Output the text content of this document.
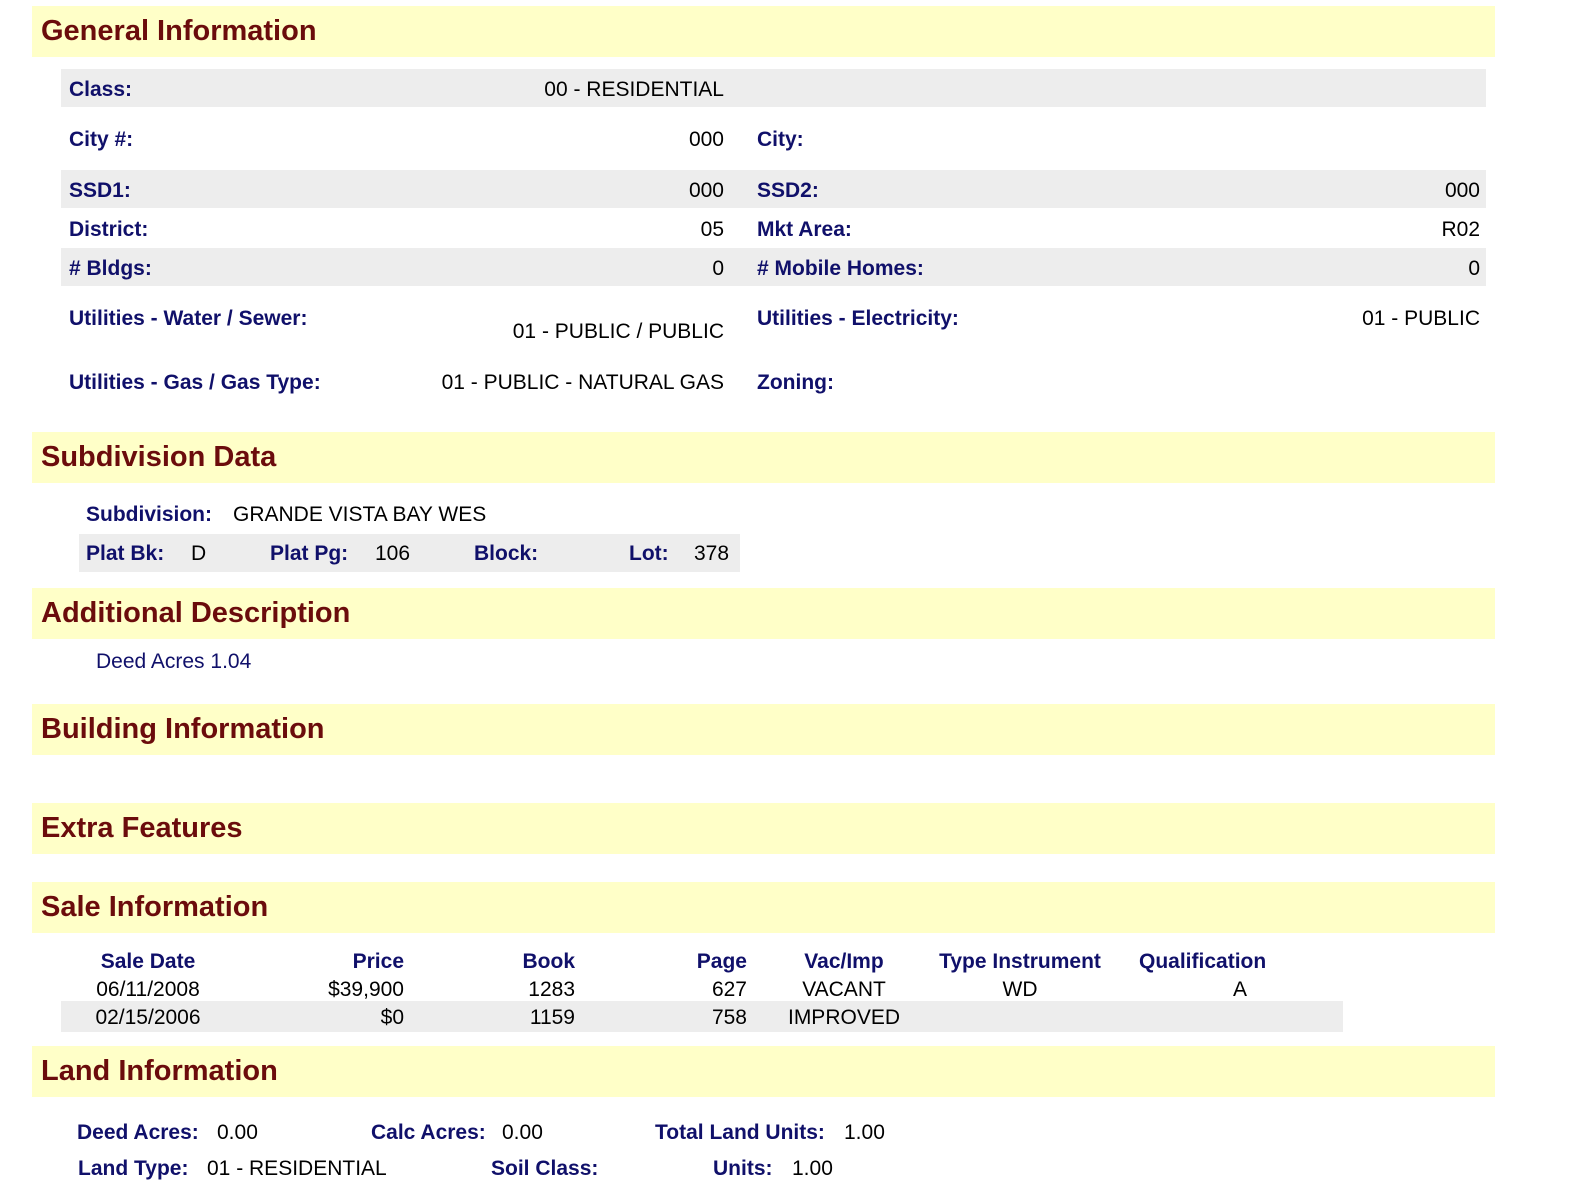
General Information
Class:	00 - RESIDENTIAL
City #:	000 City:
SSD1:	000 SSD2:	000
District:	05 Mkt Area:	R02
# Bldgs:	0 # Mobile Homes:	0
Utilities - Water / Sewer:
01 - PUBLIC / PUBLIC
Utilities - Electricity:	01 - PUBLIC
Utilities - Gas / Gas Type:	01 - PUBLIC - NATURAL GAS Zoning:
Subdivision Data
Subdivision: GRANDE VISTA BAY WES
Plat Bk: D	Plat Pg: 106	Block:	Lot: 378
Additional Description
Deed Acres 1.04
Building Information
Extra Features
Sale Information
Sale Date	Price	Book	Page	Vac/Imp	Type Instrument	Qualification
06/11/2008	$39,900	1283	627	VACANT	WD	A
02/15/2006	$0	1159	758	IMPROVED
Land Information
Deed Acres: 0.00	Calc Acres: 0.00	Total Land Units: 1.00
Land Type: 01 - RESIDENTIAL	Soil Class:	Units: 1.00
